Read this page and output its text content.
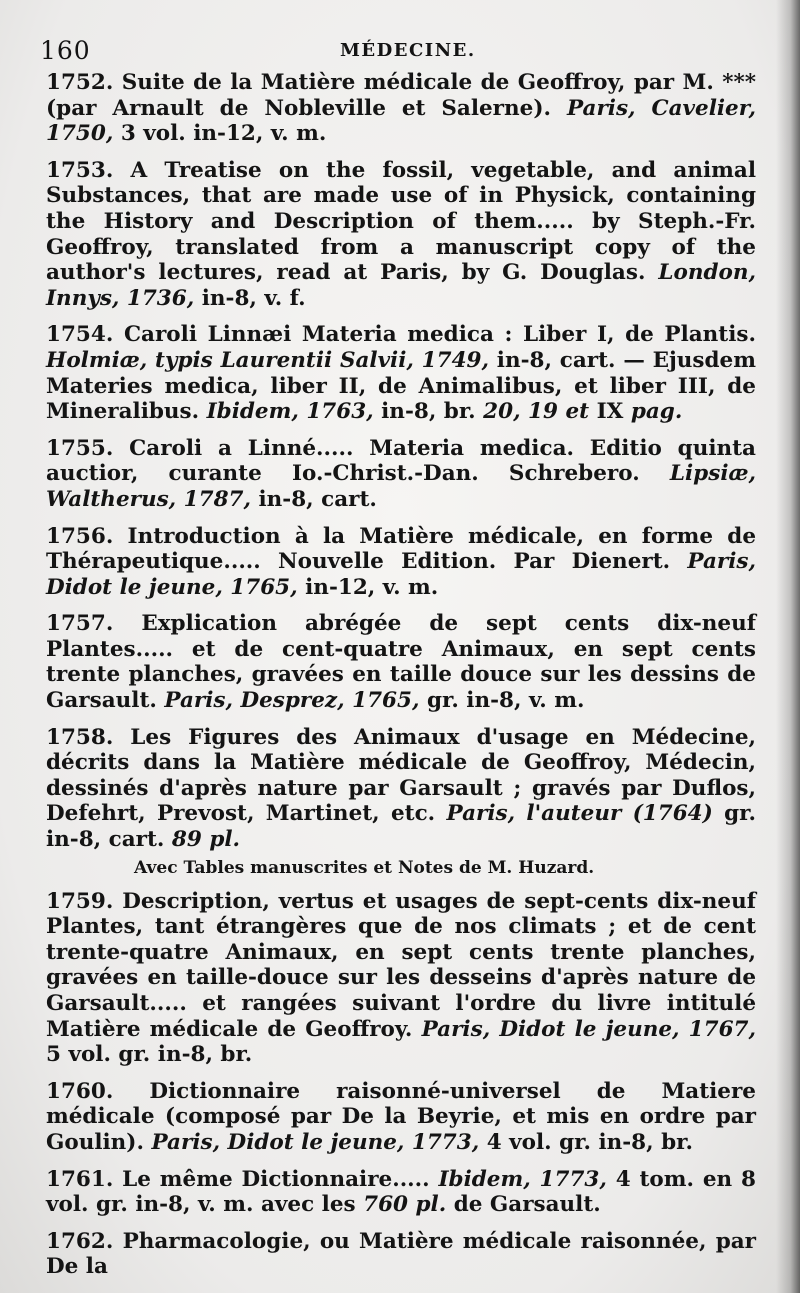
160	MÉDECINE.

1752. Suite de la Matière médicale de Geoffroy, par M. *** (par Arnault de Nobleville et Salerne). Paris, Cavelier, 1750, 3 vol. in-12, v. m.

1753. A Treatise on the fossil, vegetable, and animal Substances, that are made use of in Physick, containing the History and Description of them..... by Steph.-Fr. Geoffroy, translated from a manuscript copy of the author's lectures, read at Paris, by G. Douglas. London, Innys, 1736, in-8, v. f.

1754. Caroli Linnæi Materia medica : Liber I, de Plantis. Holmiæ, typis Laurentii Salvii, 1749, in-8, cart. — Ejusdem Materies medica, liber II, de Animalibus, et liber III, de Mineralibus. Ibidem, 1763, in-8, br. 20, 19 et IX pag.

1755. Caroli a Linné..... Materia medica. Editio quinta auctior, curante Io.-Christ.-Dan. Schrebero. Lipsiæ, Waltherus, 1787, in-8, cart.

1756. Introduction à la Matière médicale, en forme de Thérapeutique..... Nouvelle Edition. Par Dienert. Paris, Didot le jeune, 1765, in-12, v. m.

1757. Explication abrégée de sept cents dix-neuf Plantes..... et de cent-quatre Animaux, en sept cents trente planches, gravées en taille douce sur les dessins de Garsault. Paris, Desprez, 1765, gr. in-8, v. m.

1758. Les Figures des Animaux d'usage en Médecine, décrits dans la Matière médicale de Geoffroy, Médecin, dessinés d'après nature par Garsault ; gravés par Duflos, Defehrt, Prevost, Martinet, etc. Paris, l'auteur (1764) gr. in-8, cart. 89 pl.

Avec Tables manuscrites et Notes de M. Huzard.

1759. Description, vertus et usages de sept-cents dix-neuf Plantes, tant étrangères que de nos climats ; et de cent trente-quatre Animaux, en sept cents trente planches, gravées en taille-douce sur les desseins d'après nature de Garsault..... et rangées suivant l'ordre du livre intitulé Matière médicale de Geoffroy. Paris, Didot le jeune, 1767, 5 vol. gr. in-8, br.

1760. Dictionnaire raisonné-universel de Matiere médicale (composé par De la Beyrie, et mis en ordre par Goulin). Paris, Didot le jeune, 1773, 4 vol. gr. in-8, br.

1761. Le même Dictionnaire..... Ibidem, 1773, 4 tom. en 8 vol. gr. in-8, v. m. avec les 760 pl. de Garsault.

1762. Pharmacologie, ou Matière médicale raisonnée, par De la
